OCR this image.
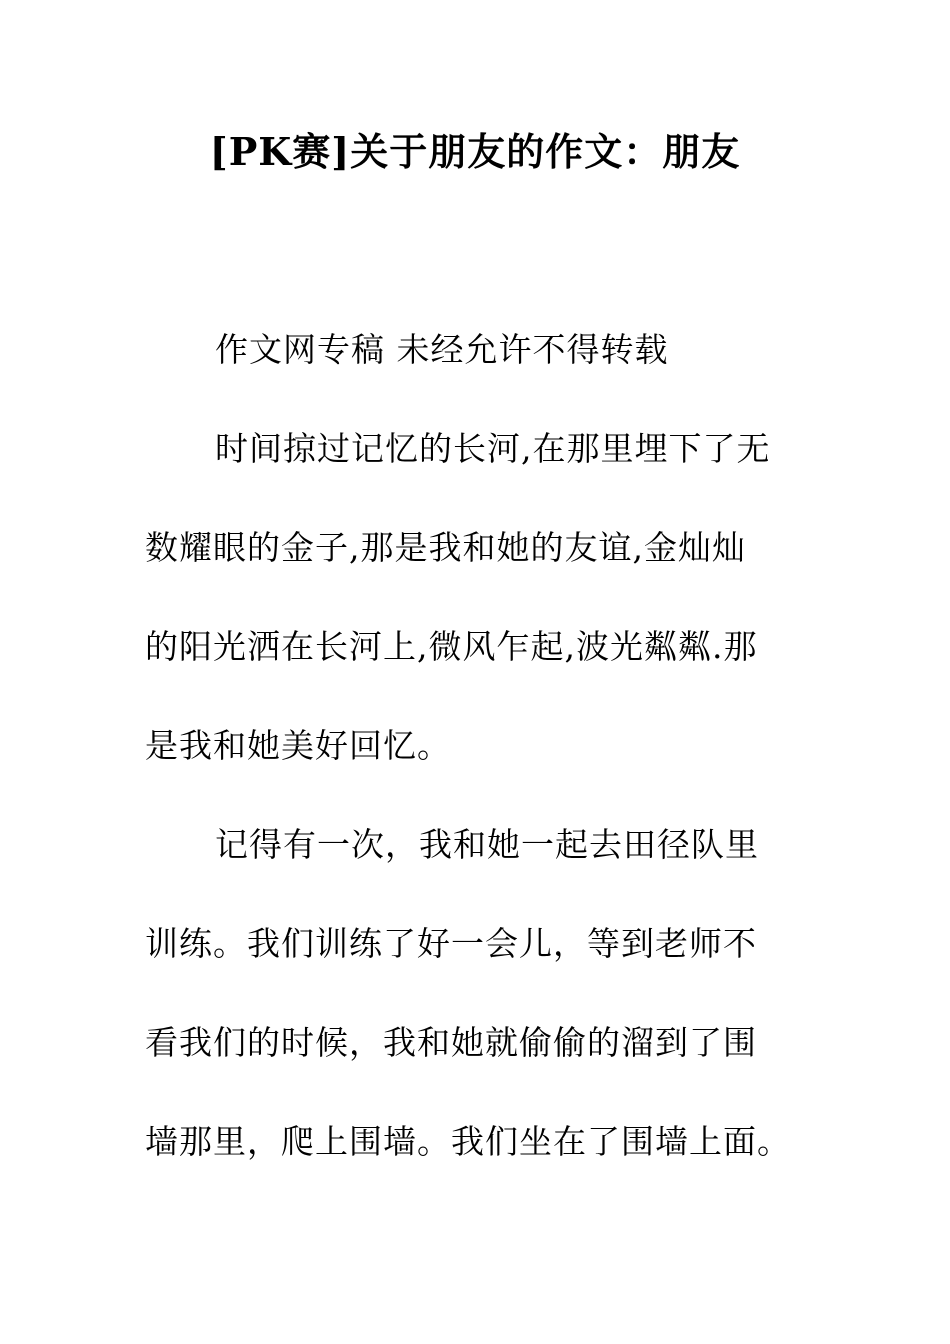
[PK赛]关于朋友的作文：朋友
作文网专稿 未经允许不得转载
时间掠过记忆的长河,在那里埋下了无
数耀眼的金子,那是我和她的友谊,金灿灿
的阳光洒在长河上,微风乍起,波光粼粼.那
是我和她美好回忆。
记得有一次，我和她一起去田径队里
训练。我们训练了好一会儿，等到老师不
看我们的时候，我和她就偷偷的溜到了围
墙那里，爬上围墙。我们坐在了围墙上面。
